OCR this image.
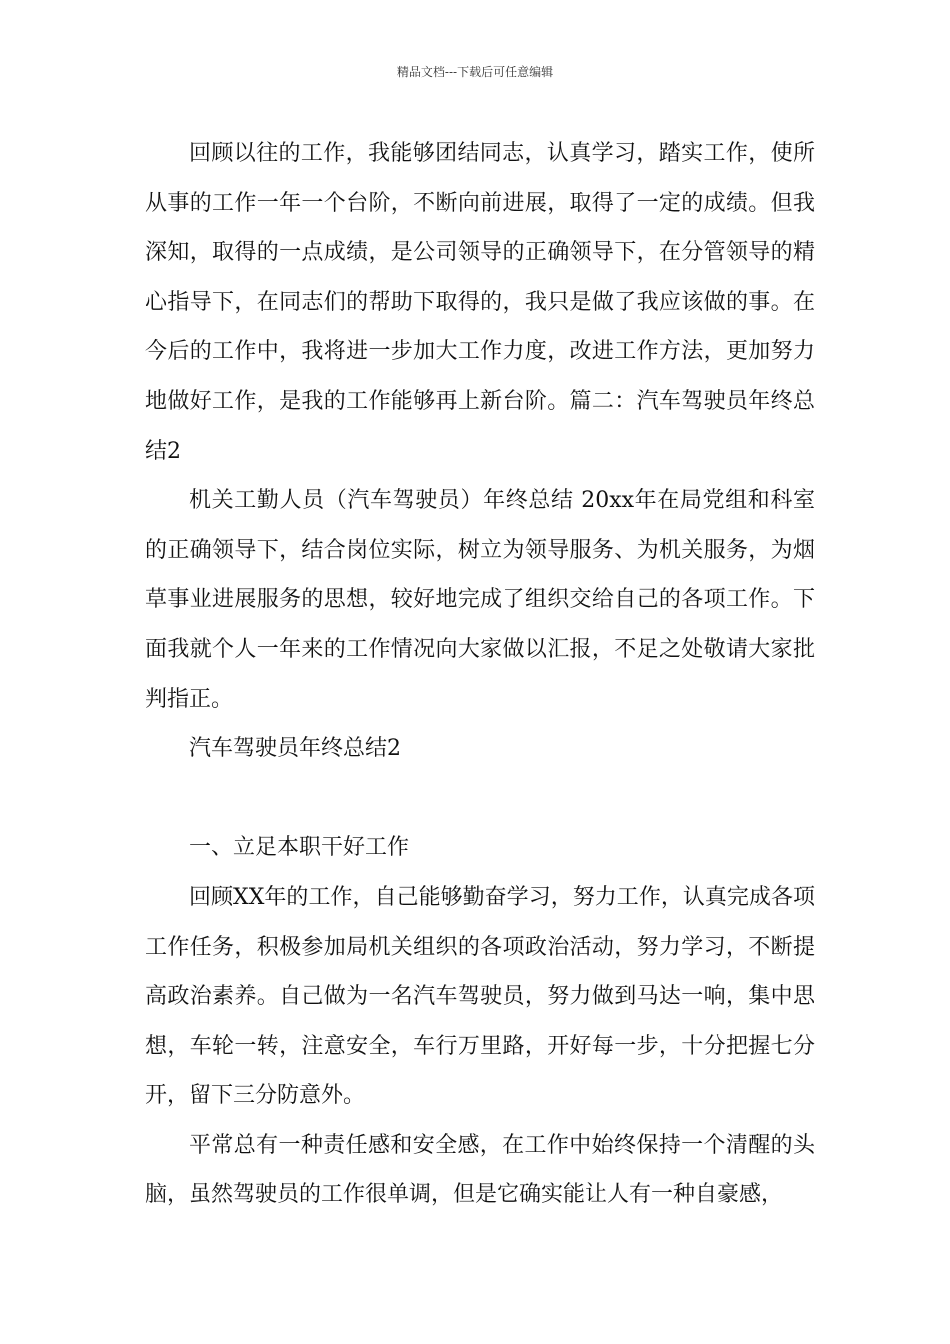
精品文档---下载后可任意编辑

回顾以往的工作，我能够团结同志，认真学习，踏实工作，使所从事的工作一年一个台阶，不断向前进展，取得了一定的成绩。但我深知，取得的一点成绩，是公司领导的正确领导下，在分管领导的精心指导下，在同志们的帮助下取得的，我只是做了我应该做的事。在今后的工作中，我将进一步加大工作力度，改进工作方法，更加努力地做好工作，是我的工作能够再上新台阶。篇二：汽车驾驶员年终总结2

机关工勤人员（汽车驾驶员）年终总结 20xx年在局党组和科室的正确领导下，结合岗位实际，树立为领导服务、为机关服务，为烟草事业进展服务的思想，较好地完成了组织交给自己的各项工作。下面我就个人一年来的工作情况向大家做以汇报，不足之处敬请大家批判指正。

汽车驾驶员年终总结2

一、立足本职干好工作

回顾XX年的工作，自己能够勤奋学习，努力工作，认真完成各项工作任务，积极参加局机关组织的各项政治活动，努力学习，不断提高政治素养。自己做为一名汽车驾驶员，努力做到马达一响，集中思想，车轮一转，注意安全，车行万里路，开好每一步，十分把握七分开，留下三分防意外。

平常总有一种责任感和安全感，在工作中始终保持一个清醒的头脑，虽然驾驶员的工作很单调，但是它确实能让人有一种自豪感，
